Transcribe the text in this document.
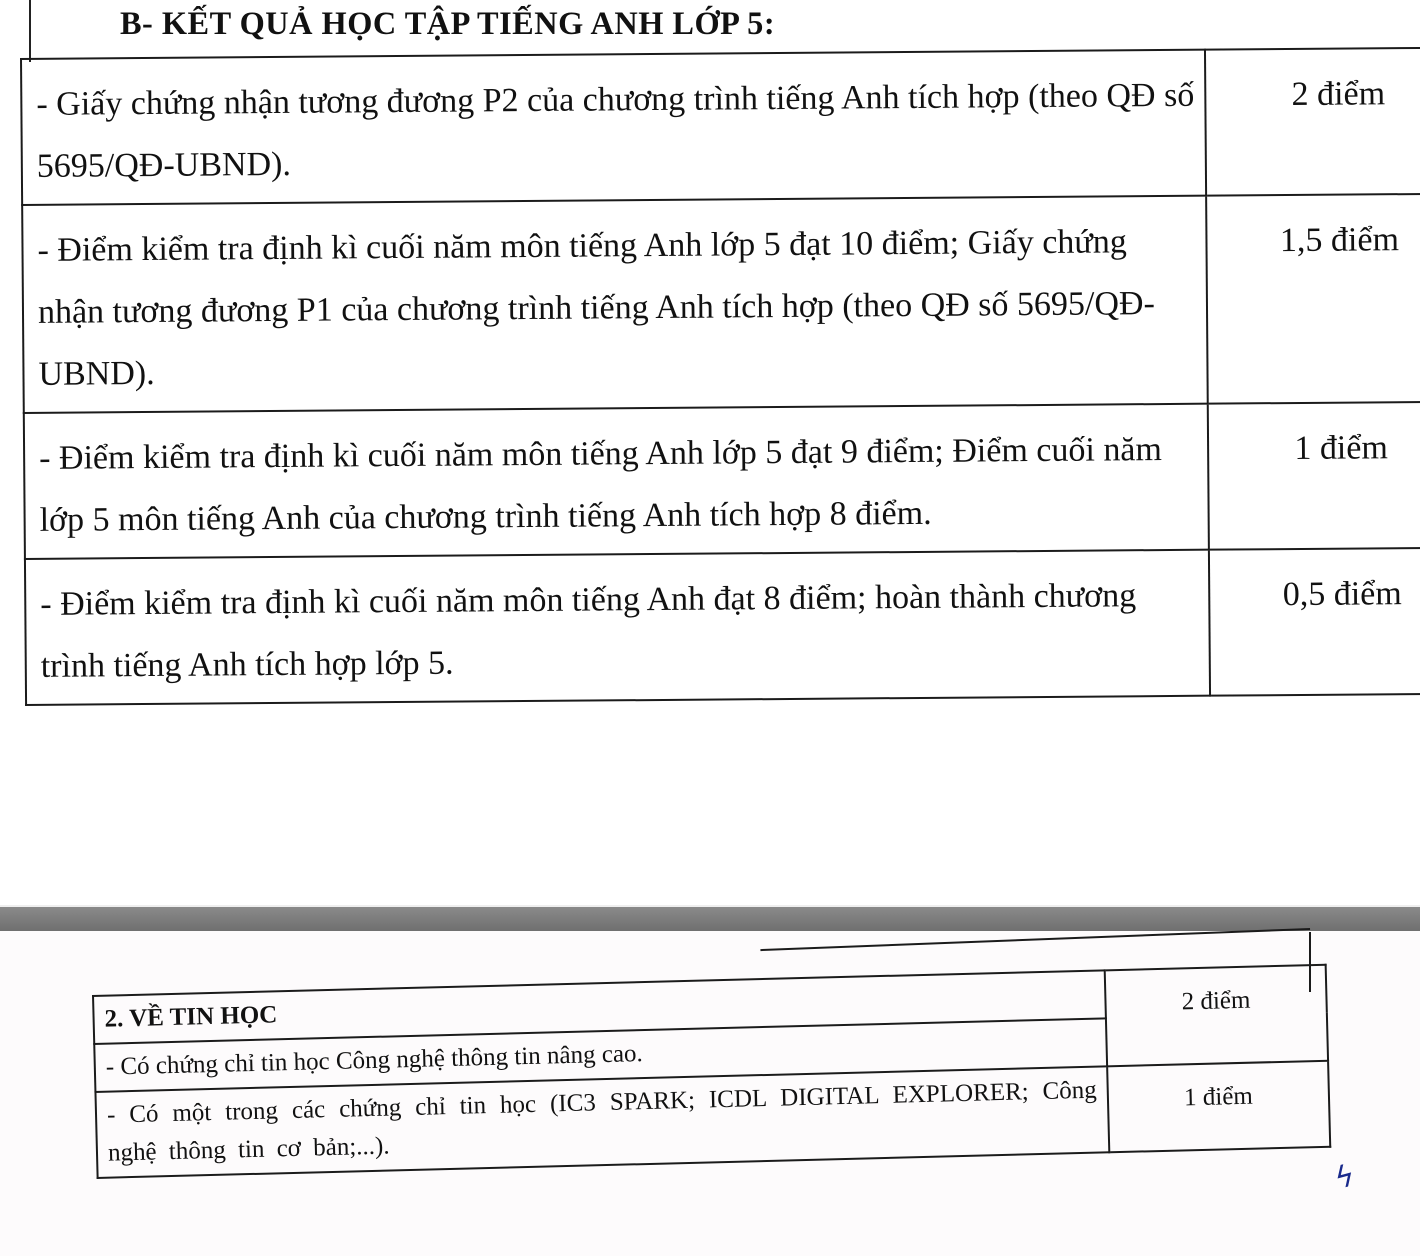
B- KẾT QUẢ HỌC TẬP TIẾNG ANH LỚP 5:
- Giấy chứng nhận tương đương P2 của chương trình tiếng Anh tích hợp (theo QĐ số 5695/QĐ-UBND).	2 điểm
- Điểm kiểm tra định kì cuối năm môn tiếng Anh lớp 5 đạt 10 điểm; Giấy chứng nhận tương đương P1 của chương trình tiếng Anh tích hợp (theo QĐ số 5695/QĐ-UBND).	1,5 điểm
- Điểm kiểm tra định kì cuối năm môn tiếng Anh lớp 5 đạt 9 điểm; Điểm cuối năm lớp 5 môn tiếng Anh của chương trình tiếng Anh tích hợp 8 điểm.	1 điểm
- Điểm kiểm tra định kì cuối năm môn tiếng Anh đạt 8 điểm; hoàn thành chương trình tiếng Anh tích hợp lớp 5.	0,5 điểm
2. VỀ TIN HỌC	2 điểm
- Có chứng chỉ tin học Công nghệ thông tin nâng cao.	
- Có một trong các chứng chỉ tin học (IC3 SPARK; ICDL DIGITAL EXPLORER; Công nghệ thông tin cơ bản;...).	1 điểm
ϟ
